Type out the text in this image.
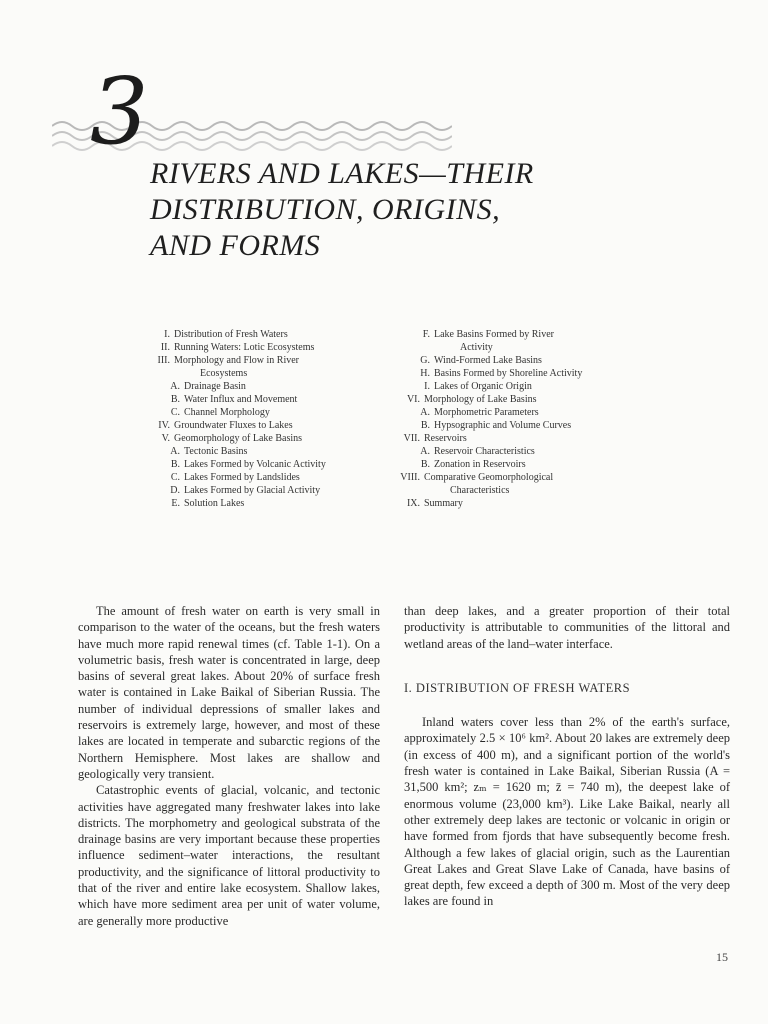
3
RIVERS AND LAKES—THEIR
DISTRIBUTION, ORIGINS,
AND FORMS
I. Distribution of Fresh Waters
II. Running Waters: Lotic Ecosystems
III. Morphology and Flow in River
Ecosystems
A. Drainage Basin
B. Water Influx and Movement
C. Channel Morphology
IV. Groundwater Fluxes to Lakes
V. Geomorphology of Lake Basins
A. Tectonic Basins
B. Lakes Formed by Volcanic Activity
C. Lakes Formed by Landslides
D. Lakes Formed by Glacial Activity
E. Solution Lakes
F. Lake Basins Formed by River
Activity
G. Wind-Formed Lake Basins
H. Basins Formed by Shoreline Activity
I. Lakes of Organic Origin
VI. Morphology of Lake Basins
A. Morphometric Parameters
B. Hypsographic and Volume Curves
VII. Reservoirs
A. Reservoir Characteristics
B. Zonation in Reservoirs
VIII. Comparative Geomorphological
Characteristics
IX. Summary

The amount of fresh water on earth is very small in comparison to the water of the oceans, but the fresh waters have much more rapid renewal times (cf. Table 1-1). On a volumetric basis, fresh water is concentrated in large, deep basins of several great lakes. About 20% of surface fresh water is contained in Lake Baikal of Siberian Russia. The number of individual depressions of smaller lakes and reservoirs is extremely large, however, and most of these lakes are located in temperate and subarctic regions of the Northern Hemisphere. Most lakes are shallow and geologically very transient.

Catastrophic events of glacial, volcanic, and tectonic activities have aggregated many freshwater lakes into lake districts. The morphometry and geological substrata of the drainage basins are very important because these properties influence sediment–water interactions, the resultant productivity, and the significance of littoral productivity to that of the river and entire lake ecosystem. Shallow lakes, which have more sediment area per unit of water volume, are generally more productive

than deep lakes, and a greater proportion of their total productivity is attributable to communities of the littoral and wetland areas of the land–water interface.

I. DISTRIBUTION OF FRESH WATERS

Inland waters cover less than 2% of the earth's surface, approximately 2.5 × 10⁶ km². About 20 lakes are extremely deep (in excess of 400 m), and a significant portion of the world's fresh water is contained in Lake Baikal, Siberian Russia (A = 31,500 km²; zₘ = 1620 m; z̄ = 740 m), the deepest lake of enormous volume (23,000 km³). Like Lake Baikal, nearly all other extremely deep lakes are tectonic or volcanic in origin or have formed from fjords that have subsequently become fresh. Although a few lakes of glacial origin, such as the Laurentian Great Lakes and Great Slave Lake of Canada, have basins of great depth, few exceed a depth of 300 m. Most of the very deep lakes are found in

15
